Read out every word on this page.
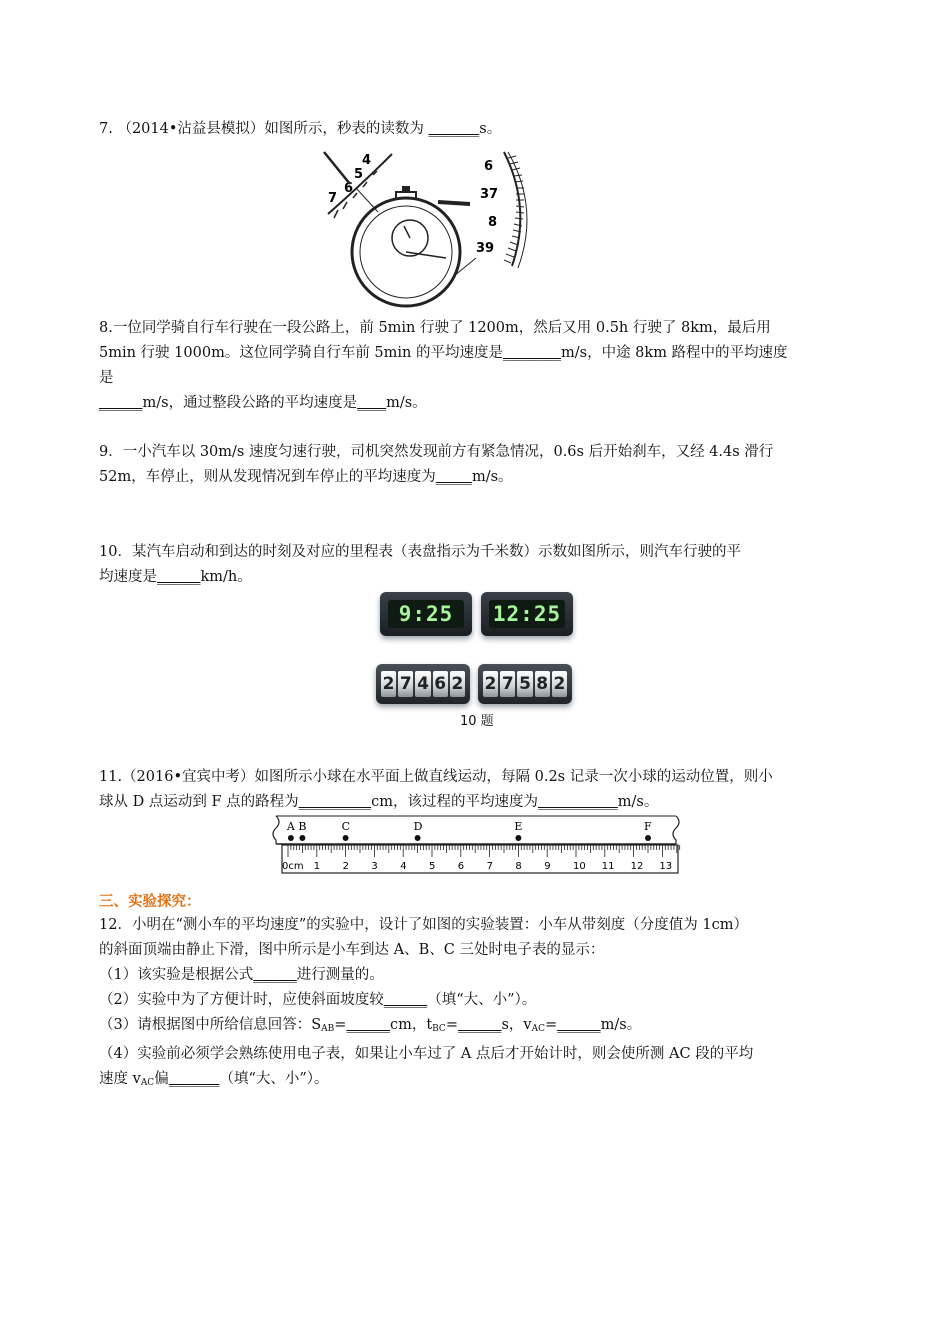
7. （2014•沾益县模拟）如图所示，秒表的读数为 _______s。

4
5
6
7
6
37
8
39

8.一位同学骑自行车行驶在一段公路上，前 5min 行驶了 1200m，然后又用 0.5h 行驶了 8km，最后用
5min 行驶 1000m。这位同学骑自行车前 5min 的平均速度是________m/s，中途 8km 路程中的平均速度
是
______m/s，通过整段公路的平均速度是____m/s。

9．一小汽车以 30m/s 速度匀速行驶，司机突然发现前方有紧急情况，0.6s 后开始刹车，又经 4.4s 滑行
52m，车停止，则从发现情况到车停止的平均速度为_____m/s。

10．某汽车启动和到达的时刻及对应的里程表（表盘指示为千米数）示数如图所示，则汽车行驶的平
均速度是______km/h。

9:25	12:25
2 7 4 6 2 2 7 5 8 2
10 题

11.（2016•宜宾中考）如图所示小球在水平面上做直线运动，每隔 0.2s 记录一次小球的运动位置，则小
球从 D 点运动到 F 点的路程为__________cm，该过程的平均速度为___________m/s。

0cm 1 2 3 4 5 6 7 8 9 10 11 12 13
A B	C	D	E	F
三、实验探究：

12．小明在“测小车的平均速度”的实验中，设计了如图的实验装置：小车从带刻度（分度值为 1cm）
的斜面顶端由静止下滑，图中所示是小车到达 A、B、C 三处时电子表的显示：
（1）该实验是根据公式______进行测量的。
（2）实验中为了方便计时，应使斜面坡度较______（填“大、小”）。
（3）请根据图中所给信息回答：$S_{AB}=\_\_\_\_\_\_cm$，$t_{BC}=\_\_\_\_\_\_s$，$v_{AC}=\_\_\_\_\_\_m/s$。
（4）实验前必须学会熟练使用电子表，如果让小车过了 A 点后才开始计时，则会使所测 AC 段的平均
速度 $v_{AC}$偏_______（填“大、小”）。
